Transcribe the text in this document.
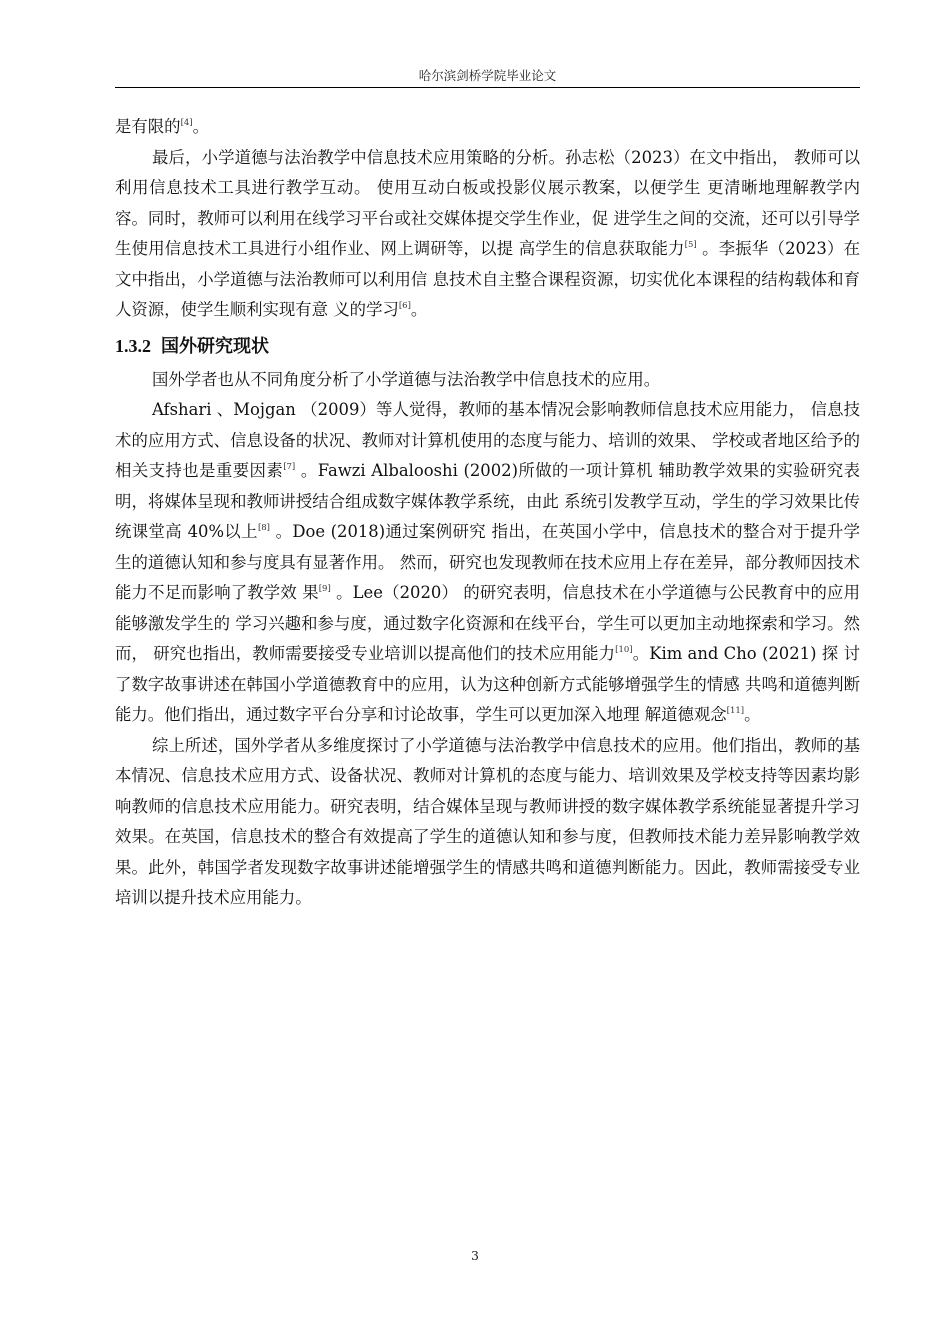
哈尔滨剑桥学院毕业论文

是有限的[4]。

最后，小学道德与法治教学中信息技术应用策略的分析。孙志松（2023）在文中指出， 教师可以利用信息技术工具进行教学互动。 使用互动白板或投影仪展示教案，以便学生 更清晰地理解教学内容。同时，教师可以利用在线学习平台或社交媒体提交学生作业，促 进学生之间的交流，还可以引导学生使用信息技术工具进行小组作业、网上调研等，以提 高学生的信息获取能力[5] 。李振华（2023）在文中指出，小学道德与法治教师可以利用信 息技术自主整合课程资源，切实优化本课程的结构载体和育人资源，使学生顺利实现有意 义的学习[6]。

1.3.2 国外研究现状

国外学者也从不同角度分析了小学道德与法治教学中信息技术的应用。

Afshari 、Mojgan （2009）等人觉得，教师的基本情况会影响教师信息技术应用能力， 信息技术的应用方式、信息设备的状况、教师对计算机使用的态度与能力、培训的效果、 学校或者地区给予的相关支持也是重要因素[7] 。Fawzi Albalooshi (2002)所做的一项计算机 辅助教学效果的实验研究表明，将媒体呈现和教师讲授结合组成数字媒体教学系统，由此 系统引发教学互动，学生的学习效果比传统课堂高 40%以上[8] 。Doe (2018)通过案例研究 指出，在英国小学中，信息技术的整合对于提升学生的道德认知和参与度具有显著作用。 然而，研究也发现教师在技术应用上存在差异，部分教师因技术能力不足而影响了教学效 果[9] 。Lee（2020） 的研究表明，信息技术在小学道德与公民教育中的应用能够激发学生的 学习兴趣和参与度，通过数字化资源和在线平台，学生可以更加主动地探索和学习。然而， 研究也指出，教师需要接受专业培训以提高他们的技术应用能力[10]。Kim and Cho (2021) 探 讨了数字故事讲述在韩国小学道德教育中的应用，认为这种创新方式能够增强学生的情感 共鸣和道德判断能力。他们指出，通过数字平台分享和讨论故事，学生可以更加深入地理 解道德观念[11]。

综上所述，国外学者从多维度探讨了小学道德与法治教学中信息技术的应用。他们指出，教师的基本情况、信息技术应用方式、设备状况、教师对计算机的态度与能力、培训效果及学校支持等因素均影响教师的信息技术应用能力。研究表明，结合媒体呈现与教师讲授的数字媒体教学系统能显著提升学习效果。在英国，信息技术的整合有效提高了学生的道德认知和参与度，但教师技术能力差异影响教学效果。此外，韩国学者发现数字故事讲述能增强学生的情感共鸣和道德判断能力。因此，教师需接受专业培训以提升技术应用能力。

3
